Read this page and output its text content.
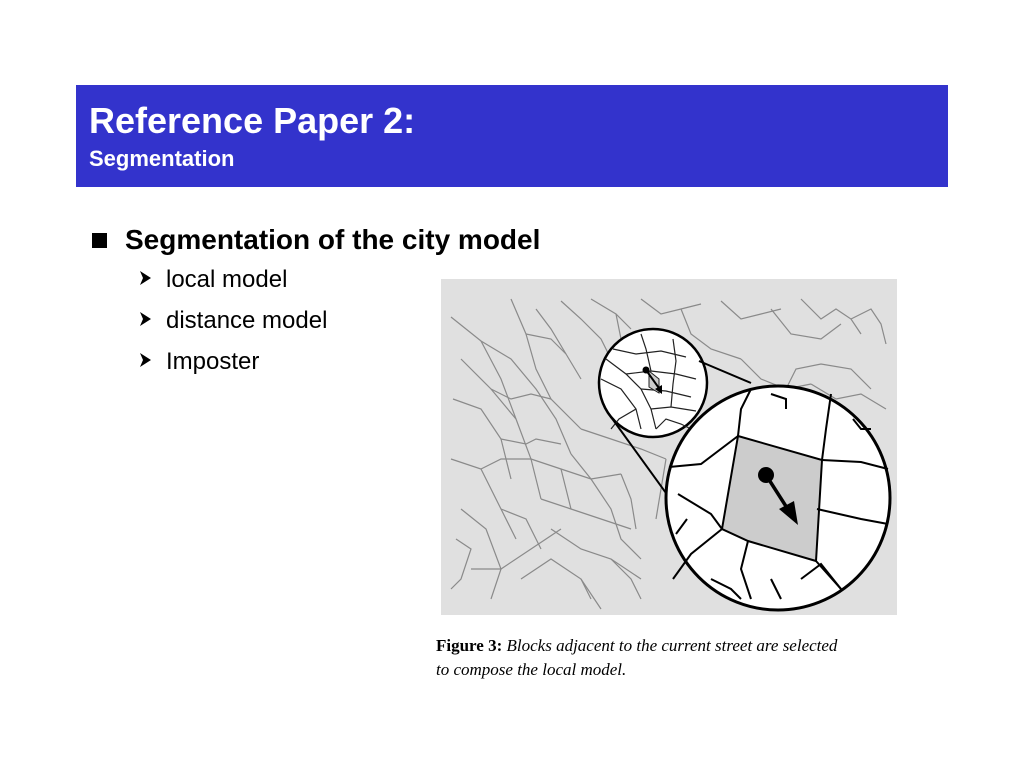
Reference Paper 2:
Segmentation
Segmentation of the city model
local model
distance model
Imposter
Figure 3: Blocks adjacent to the current street are selected
to compose the local model.
